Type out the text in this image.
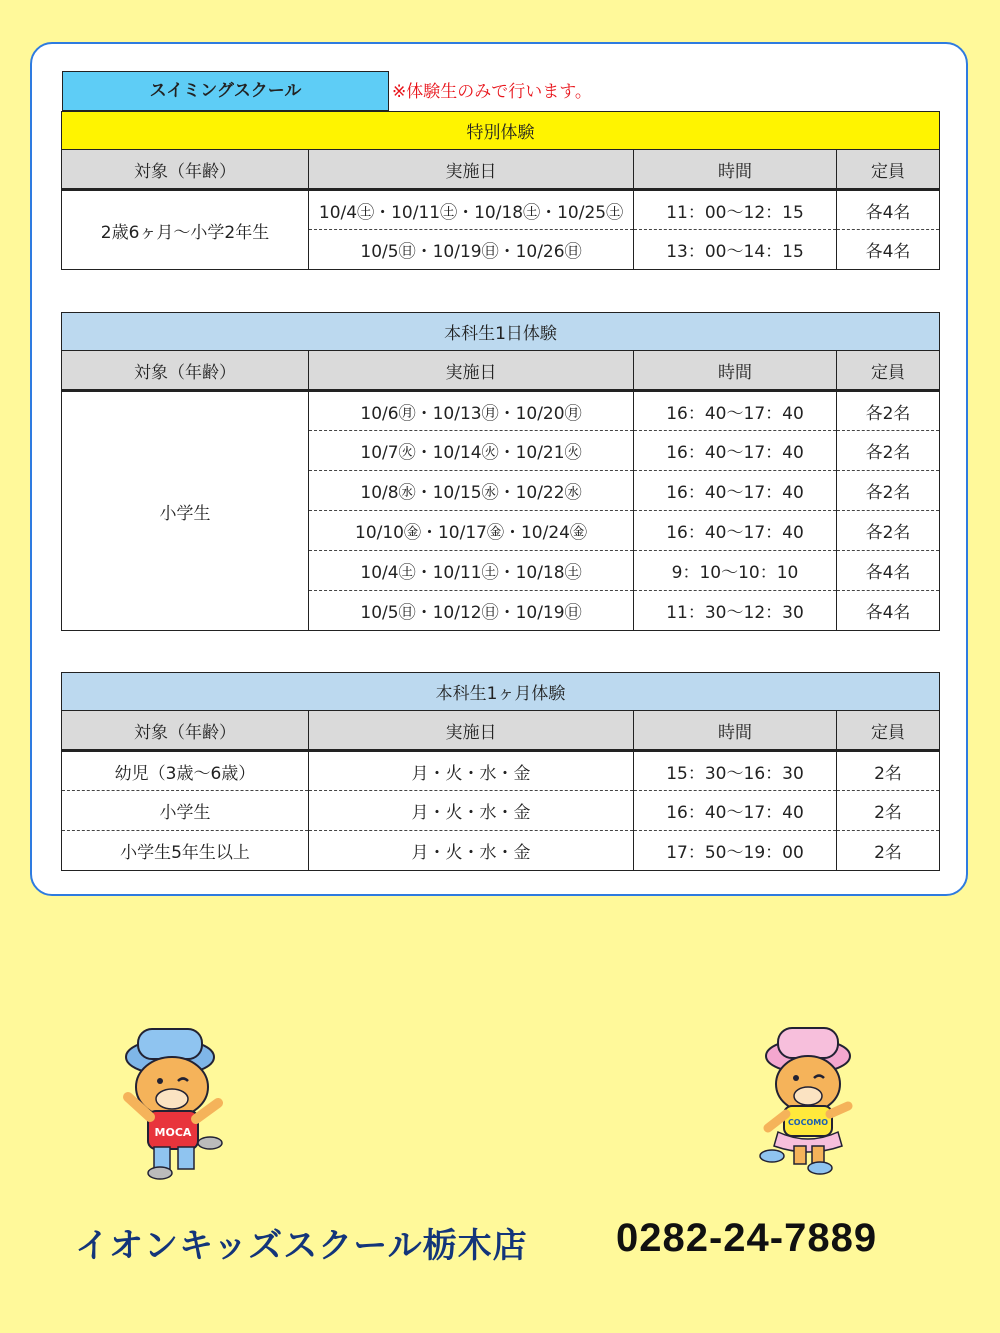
スイミングスクール	※体験生のみで行います。
特別体験			
対象（年齢）	実施日	時間	定員
2歳6ヶ月～小学2年生	10/4㊏・10/11㊏・10/18㊏・10/25㊏	11：00～12：15	各4名
	10/5㊐・10/19㊐・10/26㊐	13：00～14：15	各4名
本科生1日体験			
対象（年齢）	実施日	時間	定員
小学生	10/6㊊・10/13㊊・10/20㊊	16：40～17：40	各2名
	10/7㊋・10/14㊋・10/21㊋	16：40～17：40	各2名
	10/8㊌・10/15㊌・10/22㊌	16：40～17：40	各2名
	10/10㊎・10/17㊎・10/24㊎	16：40～17：40	各2名
	10/4㊏・10/11㊏・10/18㊏	9：10～10：10	各4名
	10/5㊐・10/12㊐・10/19㊐	11：30～12：30	各4名
本科生1ヶ月体験			
対象（年齢）	実施日	時間	定員
幼児（3歳～6歳）	月・火・水・金	15：30～16：30	2名
小学生	月・火・水・金	16：40～17：40	2名
小学生5年生以上	月・火・水・金	17：50～19：00	2名
MOCA
COCOMO
イオンキッズスクール栃木店 0282-24-7889
